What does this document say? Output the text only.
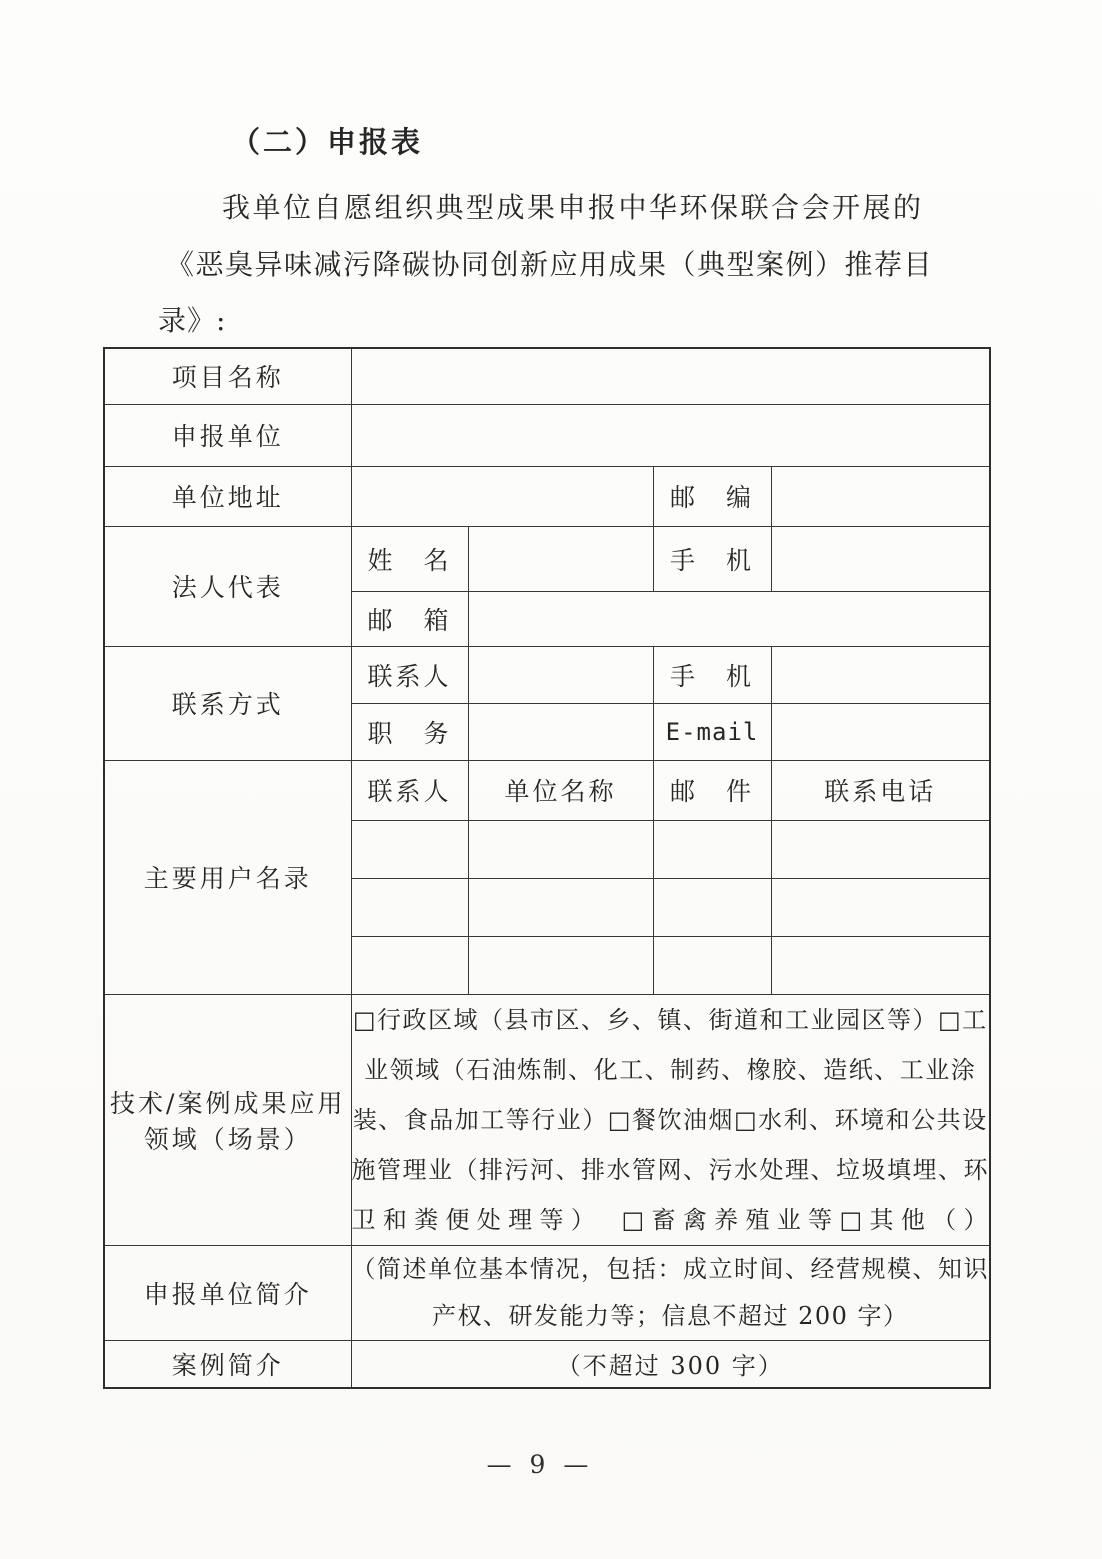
（二）申报表
我单位自愿组织典型成果申报中华环保联合会开展的
《恶臭异味减污降碳协同创新应用成果（典型案例）推荐目
录》:
项目名称				
申报单位				
单位地址			邮　编	
法人代表	姓　名		手　机	
	邮　箱			
联系方式	联系人		手　机	
	职　务		E-mail	
主要用户名录	联系人	单位名称	邮　件	联系电话

技术/案例成果应用
领域（场景）	□行政区域（县市区、乡、镇、街道和工业园区等）□工业领域（石油炼制、化工、制药、橡胶、造纸、工业涂装、食品加工等行业）□餐饮油烟□水利、环境和公共设施管理业（排污河、排水管网、污水处理、垃圾填埋、环卫和粪便处理等）　□畜禽养殖业等□其他（）			
申报单位简介	（简述单位基本情况，包括：成立时间、经营规模、知识产权、研发能力等；信息不超过 200 字）			
案例简介	（不超过 300 字）			
— 9 —
